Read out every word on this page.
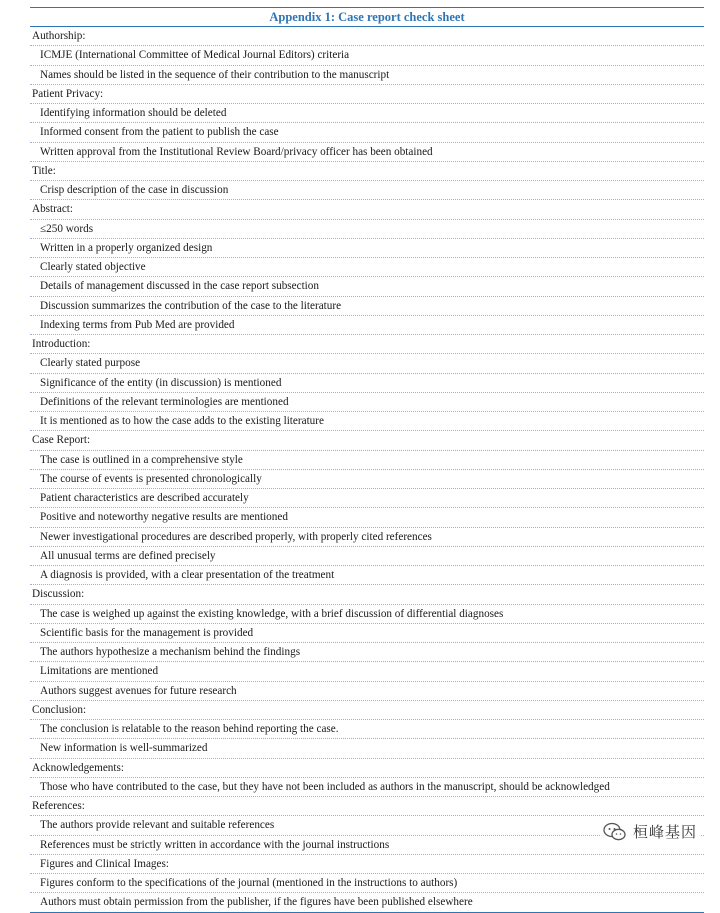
Appendix 1: Case report check sheet
Authorship:
ICMJE (International Committee of Medical Journal Editors) criteria
Names should be listed in the sequence of their contribution to the manuscript
Patient Privacy:
Identifying information should be deleted
Informed consent from the patient to publish the case
Written approval from the Institutional Review Board/privacy officer has been obtained
Title:
Crisp description of the case in discussion
Abstract:
≤250 words
Written in a properly organized design
Clearly stated objective
Details of management discussed in the case report subsection
Discussion summarizes the contribution of the case to the literature
Indexing terms from Pub Med are provided
Introduction:
Clearly stated purpose
Significance of the entity (in discussion) is mentioned
Definitions of the relevant terminologies are mentioned
It is mentioned as to how the case adds to the existing literature
Case Report:
The case is outlined in a comprehensive style
The course of events is presented chronologically
Patient characteristics are described accurately
Positive and noteworthy negative results are mentioned
Newer investigational procedures are described properly, with properly cited references
All unusual terms are defined precisely
A diagnosis is provided, with a clear presentation of the treatment
Discussion:
The case is weighed up against the existing knowledge, with a brief discussion of differential diagnoses
Scientific basis for the management is provided
The authors hypothesize a mechanism behind the findings
Limitations are mentioned
Authors suggest avenues for future research
Conclusion:
The conclusion is relatable to the reason behind reporting the case.
New information is well-summarized
Acknowledgements:
Those who have contributed to the case, but they have not been included as authors in the manuscript, should be acknowledged
References:
The authors provide relevant and suitable references
References must be strictly written in accordance with the journal instructions
Figures and Clinical Images:
Figures conform to the specifications of the journal (mentioned in the instructions to authors)
Authors must obtain permission from the publisher, if the figures have been published elsewhere
桓峰基因
